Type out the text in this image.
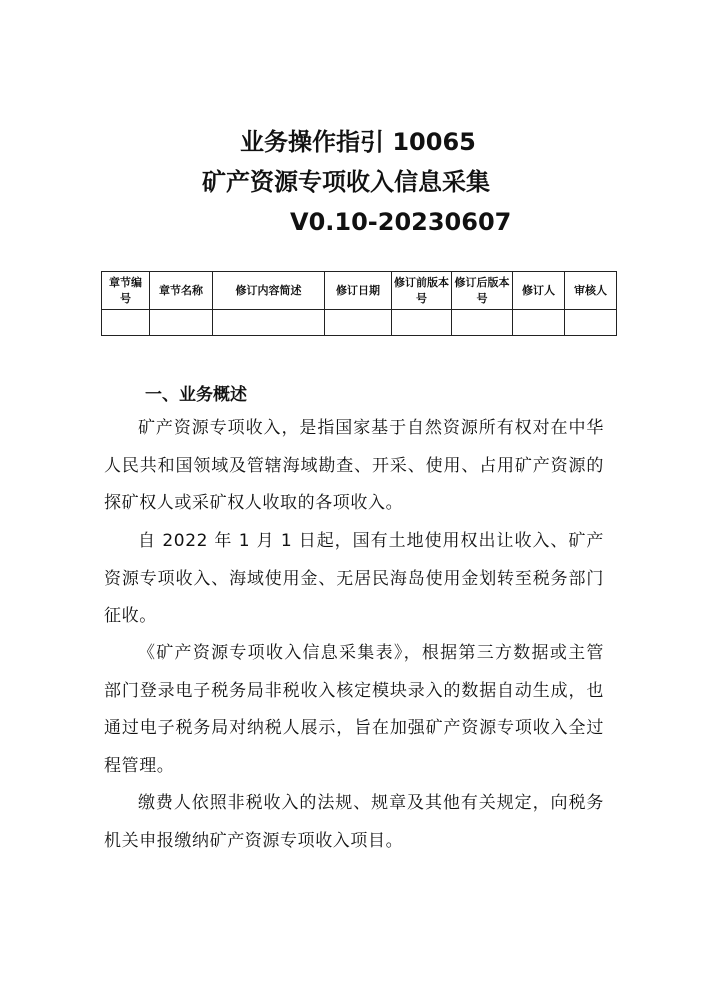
业务操作指引 10065
矿产资源专项收入信息采集
V0.10-20230607
章节编号	章节名称	修订内容简述	修订日期	修订前版本号	修订后版本号	修订人	审核人

一、业务概述

矿产资源专项收入，是指国家基于自然资源所有权对在中华人民共和国领域及管辖海域勘查、开采、使用、占用矿产资源的探矿权人或采矿权人收取的各项收入。

自 2022 年 1 月 1 日起，国有土地使用权出让收入、矿产资源专项收入、海域使用金、无居民海岛使用金划转至税务部门征收。

《矿产资源专项收入信息采集表》，根据第三方数据或主管部门登录电子税务局非税收入核定模块录入的数据自动生成，也通过电子税务局对纳税人展示，旨在加强矿产资源专项收入全过程管理。

缴费人依照非税收入的法规、规章及其他有关规定，向税务机关申报缴纳矿产资源专项收入项目。
